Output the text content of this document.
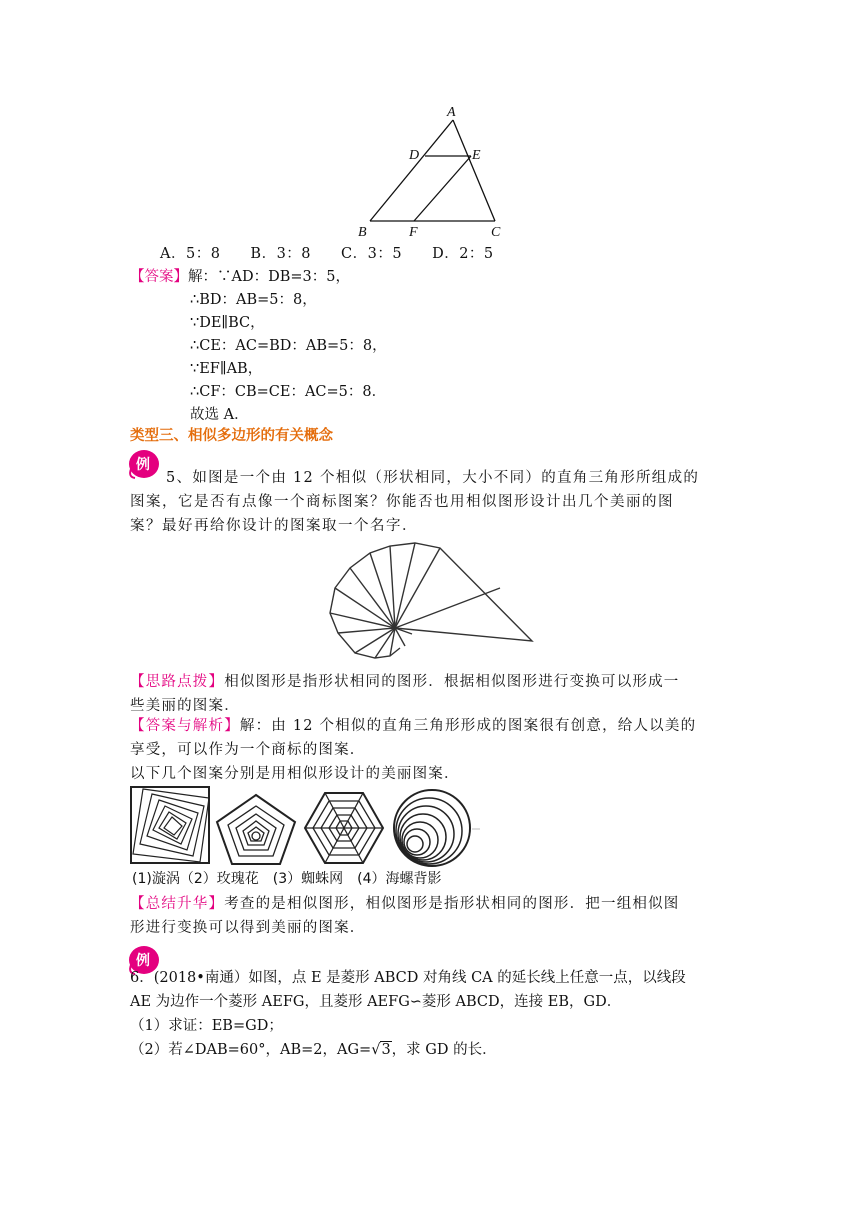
A
D	E
B	F	C
A．5：8　　B．3：8　　C．3：5　　D．2：5
【答案】解：∵AD：DB=3：5，
∴BD：AB=5：8，
∵DE∥BC，
∴CE：AC=BD：AB=5：8，
∵EF∥AB，
∴CF：CB=CE：AC=5：8．
故选 A．
类型三、相似多边形的有关概念
例
5、如图是一个由 12 个相似（形状相同，大小不同）的直角三角形所组成的
图案，它是否有点像一个商标图案？你能否也用相似图形设计出几个美丽的图
案？最好再给你设计的图案取一个名字．
【思路点拨】相似图形是指形状相同的图形．根据相似图形进行变换可以形成一
些美丽的图案．
【答案与解析】解：由 12 个相似的直角三角形形成的图案很有创意，给人以美的
享受，可以作为一个商标的图案．
以下几个图案分别是用相似形设计的美丽图案．
(1)漩涡（2）玫瑰花　(3）蜘蛛网　(4）海螺背影
【总结升华】考查的是相似图形，相似图形是指形状相同的图形．把一组相似图
形进行变换可以得到美丽的图案．
例
6．(2018•南通）如图，点 E 是菱形 ABCD 对角线 CA 的延长线上任意一点，以线段
AE 为边作一个菱形 AEFG，且菱形 AEFG∽菱形 ABCD，连接 EB，GD．
（1）求证：EB=GD；
（2）若∠DAB=60°，AB=2，AG=√3，求 GD 的长．
